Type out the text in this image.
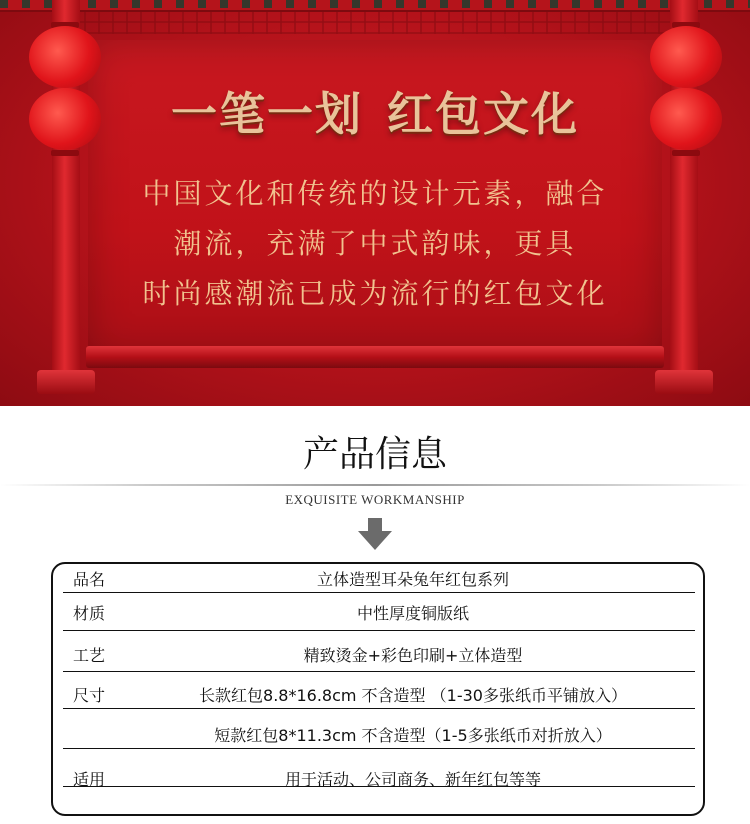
一笔一划 红包文化
中国文化和传统的设计元素，融合
潮流，充满了中式韵味，更具
时尚感潮流已成为流行的红包文化
产品信息
EXQUISITE WORKMANSHIP
品名	立体造型耳朵兔年红包系列
材质	中性厚度铜版纸
工艺	精致烫金+彩色印刷+立体造型
尺寸	长款红包8.8*16.8cm 不含造型 （1-30多张纸币平铺放入）
短款红包8*11.3cm 不含造型（1-5多张纸币对折放入）
适用	用于活动、公司商务、新年红包等等
